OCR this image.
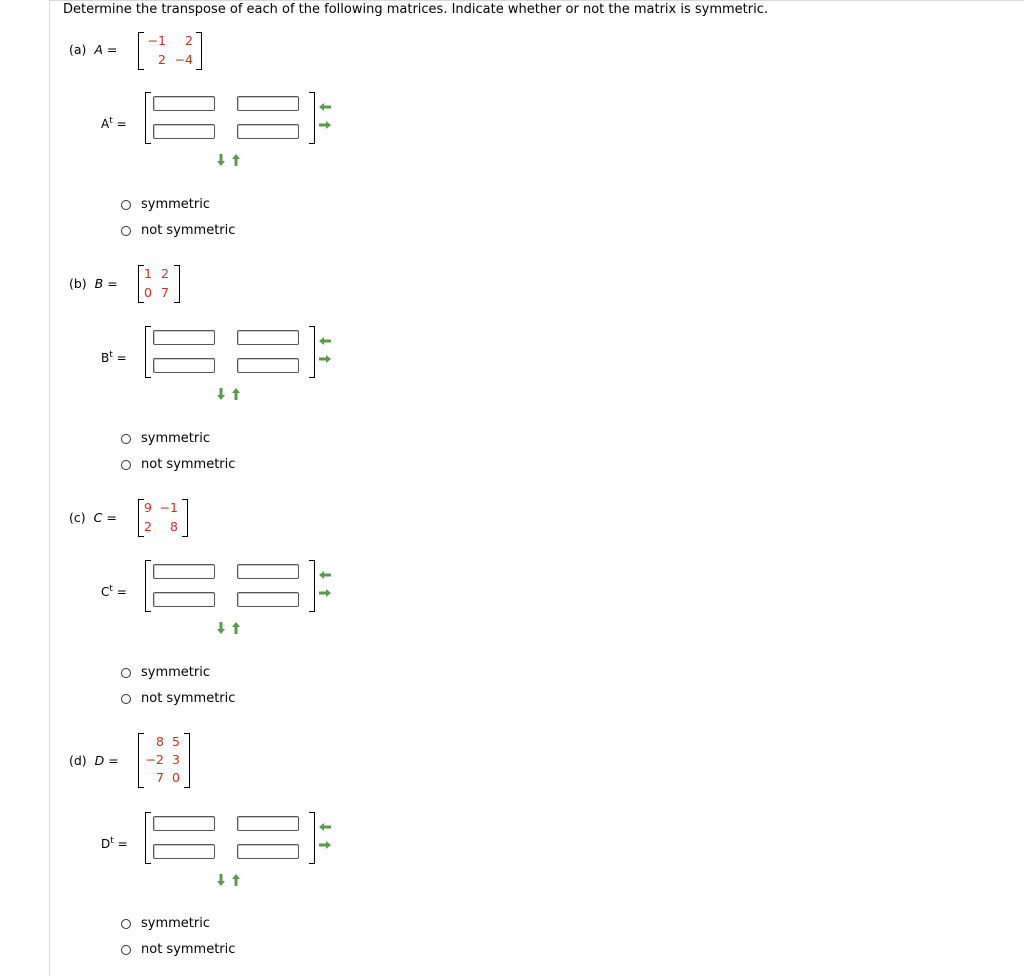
Determine the transpose of each of the following matrices. Indicate whether or not the matrix is symmetric.
(a) A =
−1	2
2 −4
$A^t$ =
symmetric
not symmetric
(b) B =
1 2
0 7
$B^t$ =
symmetric
not symmetric
(c) C =
9 −1
2	8
$C^t$ =
symmetric
not symmetric
(d) D =
8 5
−2 3
7 0
$D^t$ =
symmetric
not symmetric
